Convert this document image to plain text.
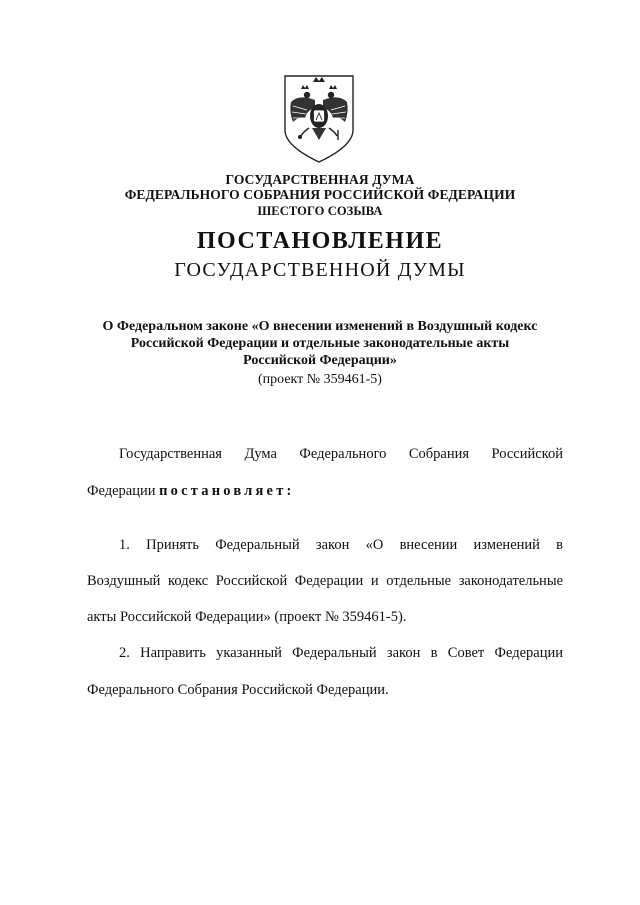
ГОСУДАРСТВЕННАЯ ДУМА
ФЕДЕРАЛЬНОГО СОБРАНИЯ РОССИЙСКОЙ ФЕДЕРАЦИИ
ШЕСТОГО СОЗЫВА
ПОСТАНОВЛЕНИЕ
ГОСУДАРСТВЕННОЙ ДУМЫ
О Федеральном законе «О внесении изменений в Воздушный кодекс
Российской Федерации и отдельные законодательные акты
Российской Федерации»
(проект № 359461-5)
Государственная Дума Федерального Собрания Российской
Федерации постановляет:
1. Принять Федеральный закон «О внесении изменений в
Воздушный кодекс Российской Федерации и отдельные законодательные
акты Российской Федерации» (проект № 359461-5).
2. Направить указанный Федеральный закон в Совет Федерации
Федерального Собрания Российской Федерации.
